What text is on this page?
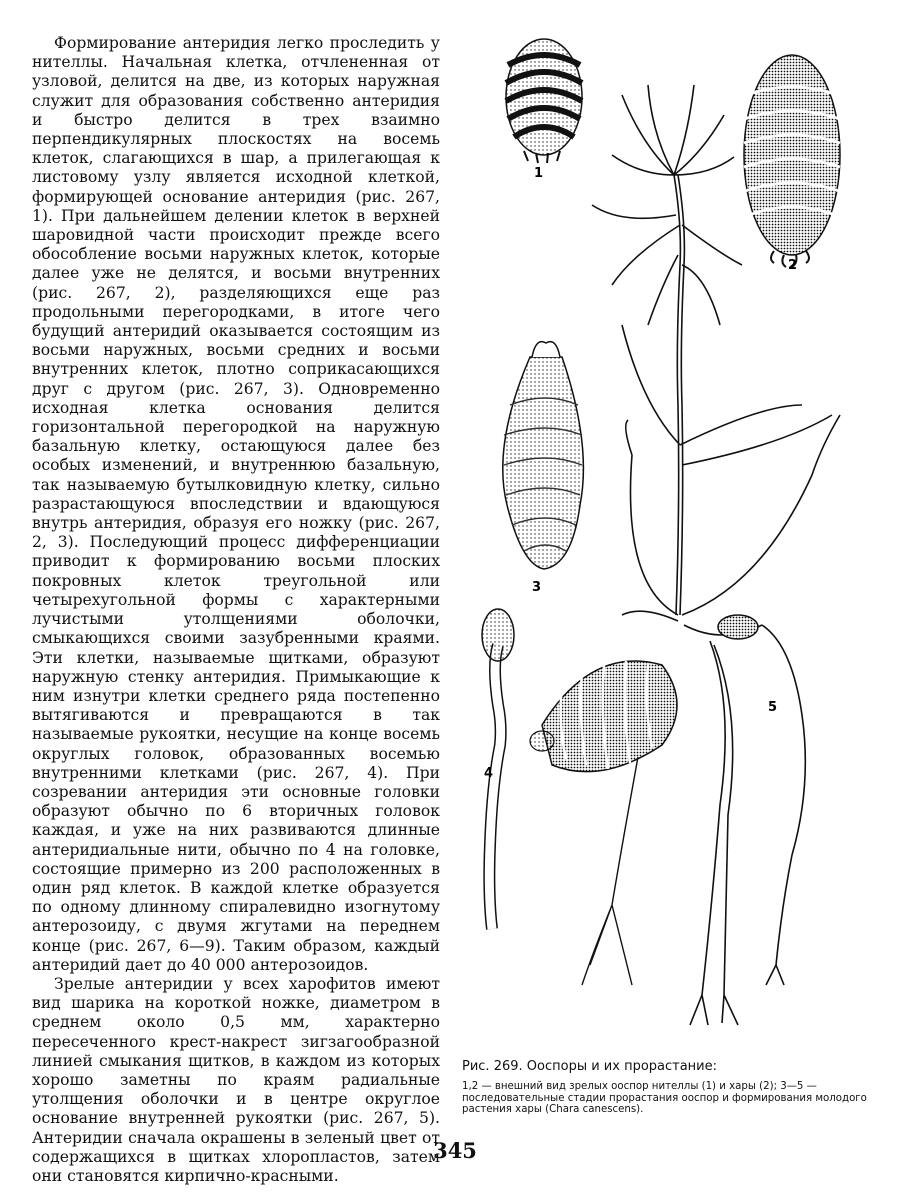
Формирование антеридия легко проследить у нителлы. Начальная клетка, отчлененная от узловой, делится на две, из которых наружная служит для образования собственно антеридия и быстро делится в трех взаимно перпендикулярных плоскостях на восемь клеток, слагающихся в шар, а прилегающая к листовому узлу является исходной клеткой, формирующей основание антеридия (рис. 267, 1). При дальнейшем делении клеток в верхней шаровидной части происходит прежде всего обособление восьми наружных клеток, которые далее уже не делятся, и восьми внутренних (рис. 267, 2), разделяющихся еще раз продольными перегородками, в итоге чего будущий антеридий оказывается состоящим из восьми наружных, восьми средних и восьми внутренних клеток, плотно соприкасающихся друг с другом (рис. 267, 3). Одновременно исходная клетка основания делится горизонтальной перегородкой на наружную базальную клетку, остающуюся далее без особых изменений, и внутреннюю базальную, так называемую бутылковидную клетку, сильно разрастающуюся впоследствии и вдающуюся внутрь антеридия, образуя его ножку (рис. 267, 2, 3). Последующий процесс дифференциации приводит к формированию восьми плоских покровных клеток треугольной или четырехугольной формы с характерными лучистыми утолщениями оболочки, смыкающихся своими зазубренными краями. Эти клетки, называемые щитками, образуют наружную стенку антеридия. Примыкающие к ним изнутри клетки среднего ряда постепенно вытягиваются и превращаются в так называемые рукоятки, несущие на конце восемь округлых головок, образованных восемью внутренними клетками (рис. 267, 4). При созревании антеридия эти основные головки образуют обычно по 6 вторичных головок каждая, и уже на них развиваются длинные антеридиальные нити, обычно по 4 на головке, состоящие примерно из 200 расположенных в один ряд клеток. В каждой клетке образуется по одному длинному спиралевидно изогнутому антерозоиду, с двумя жгутами на переднем конце (рис. 267, 6—9). Таким образом, каждый антеридий дает до 40 000 антерозоидов.

Зрелые антеридии у всех харофитов имеют вид шарика на короткой ножке, диаметром в среднем около 0,5 мм, характерно пересеченного крест-накрест зигзагообразной линией смыкания щитков, в каждом из которых хорошо заметны по краям радиальные утолщения оболочки и в центре округлое основание внутренней рукоятки (рис. 267, 5). Антеридии сначала окрашены в зеленый цвет от содержащихся в щитках хлоропластов, затем они становятся кирпично-красными.

1
2
3
5
4

Рис. 269. Ооспоры и их прорастание:

1,2 — внешний вид зрелых ооспор нителлы (1) и хары (2); 3—5 — последовательные стадии прорастания ооспор и формирования молодого растения хары (Chara canescens).

345
